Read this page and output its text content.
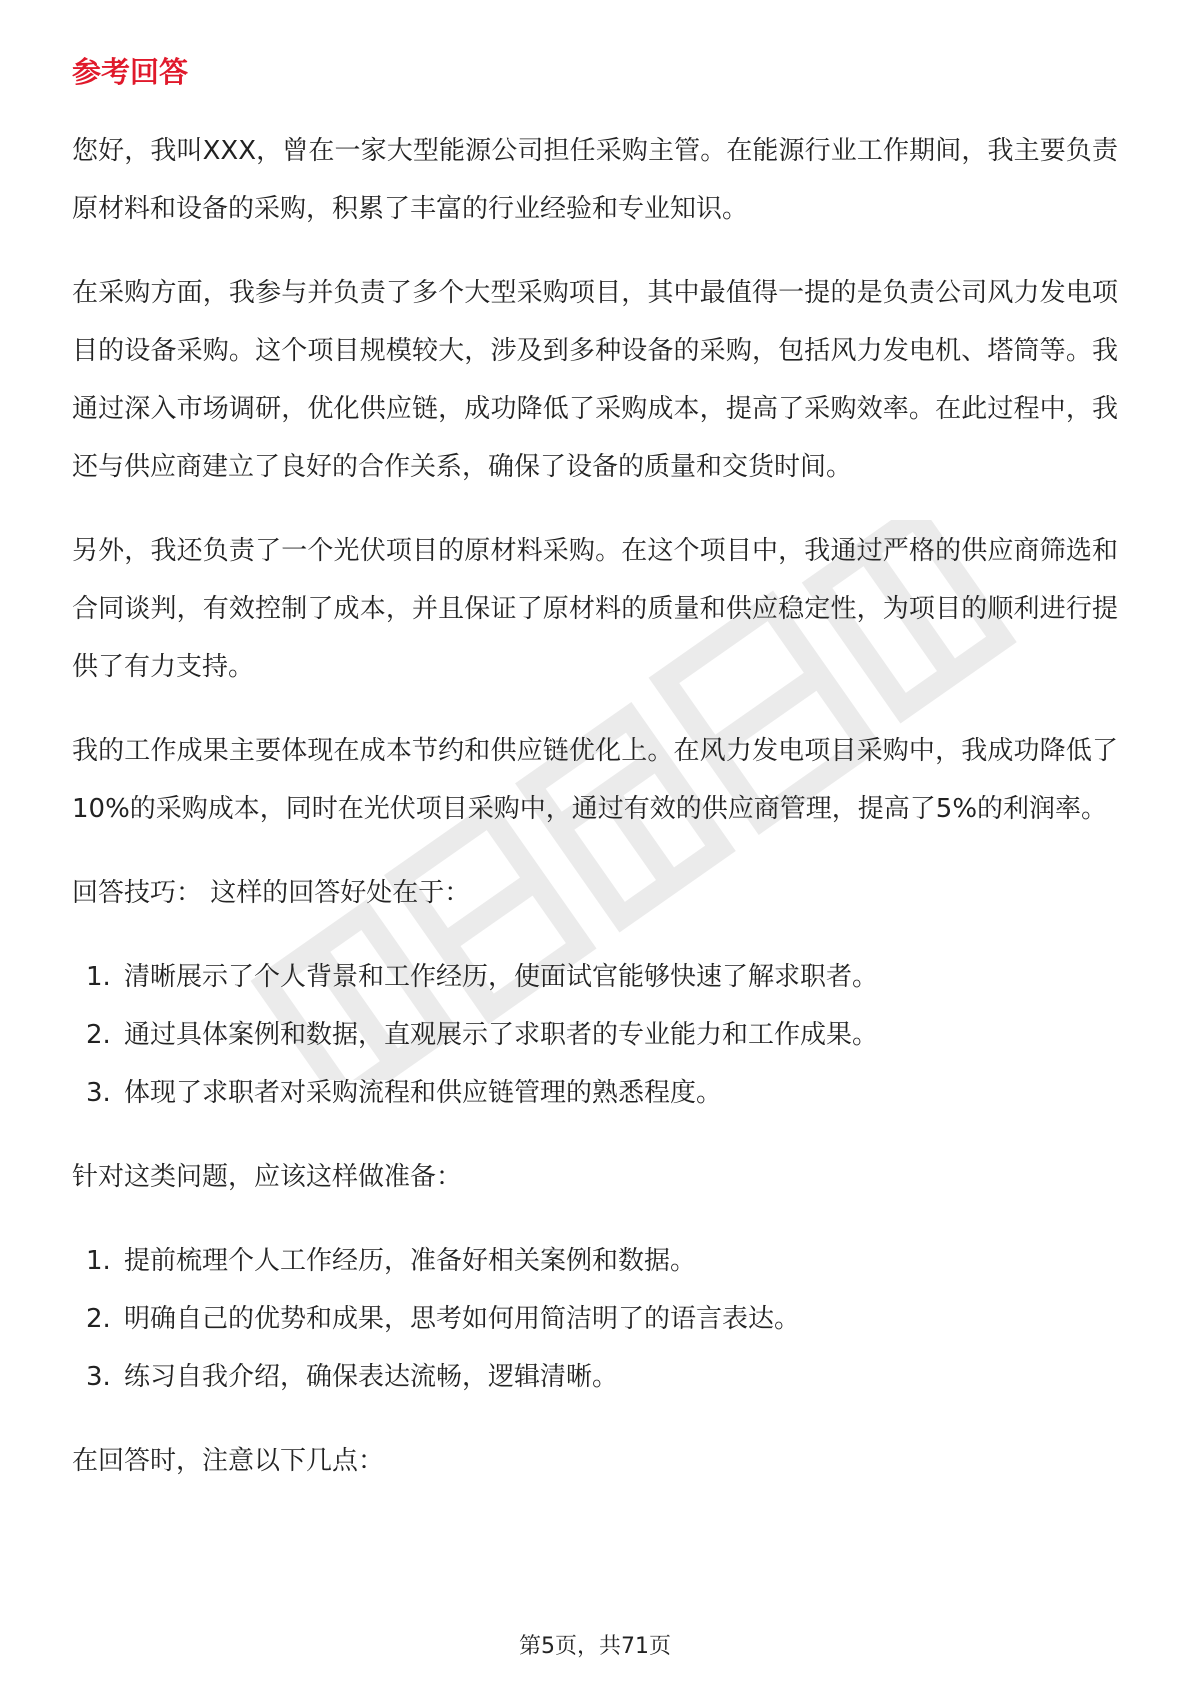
参考回答

您好，我叫XXX，曾在一家大型能源公司担任采购主管。在能源行业工作期间，我主要负责原材料和设备的采购，积累了丰富的行业经验和专业知识。

在采购方面，我参与并负责了多个大型采购项目，其中最值得一提的是负责公司风力发电项目的设备采购。这个项目规模较大，涉及到多种设备的采购，包括风力发电机、塔筒等。我通过深入市场调研，优化供应链，成功降低了采购成本，提高了采购效率。在此过程中，我还与供应商建立了良好的合作关系，确保了设备的质量和交货时间。

另外，我还负责了一个光伏项目的原材料采购。在这个项目中，我通过严格的供应商筛选和合同谈判，有效控制了成本，并且保证了原材料的质量和供应稳定性，为项目的顺利进行提供了有力支持。

我的工作成果主要体现在成本节约和供应链优化上。在风力发电项目采购中，我成功降低了10%的采购成本，同时在光伏项目采购中，通过有效的供应商管理，提高了5%的利润率。

回答技巧： 这样的回答好处在于：

1. 清晰展示了个人背景和工作经历，使面试官能够快速了解求职者。
2. 通过具体案例和数据，直观展示了求职者的专业能力和工作成果。
3. 体现了求职者对采购流程和供应链管理的熟悉程度。

针对这类问题，应该这样做准备：

1. 提前梳理个人工作经历，准备好相关案例和数据。
2. 明确自己的优势和成果，思考如何用简洁明了的语言表达。
3. 练习自我介绍，确保表达流畅，逻辑清晰。

在回答时，注意以下几点：

第5页，共71页
